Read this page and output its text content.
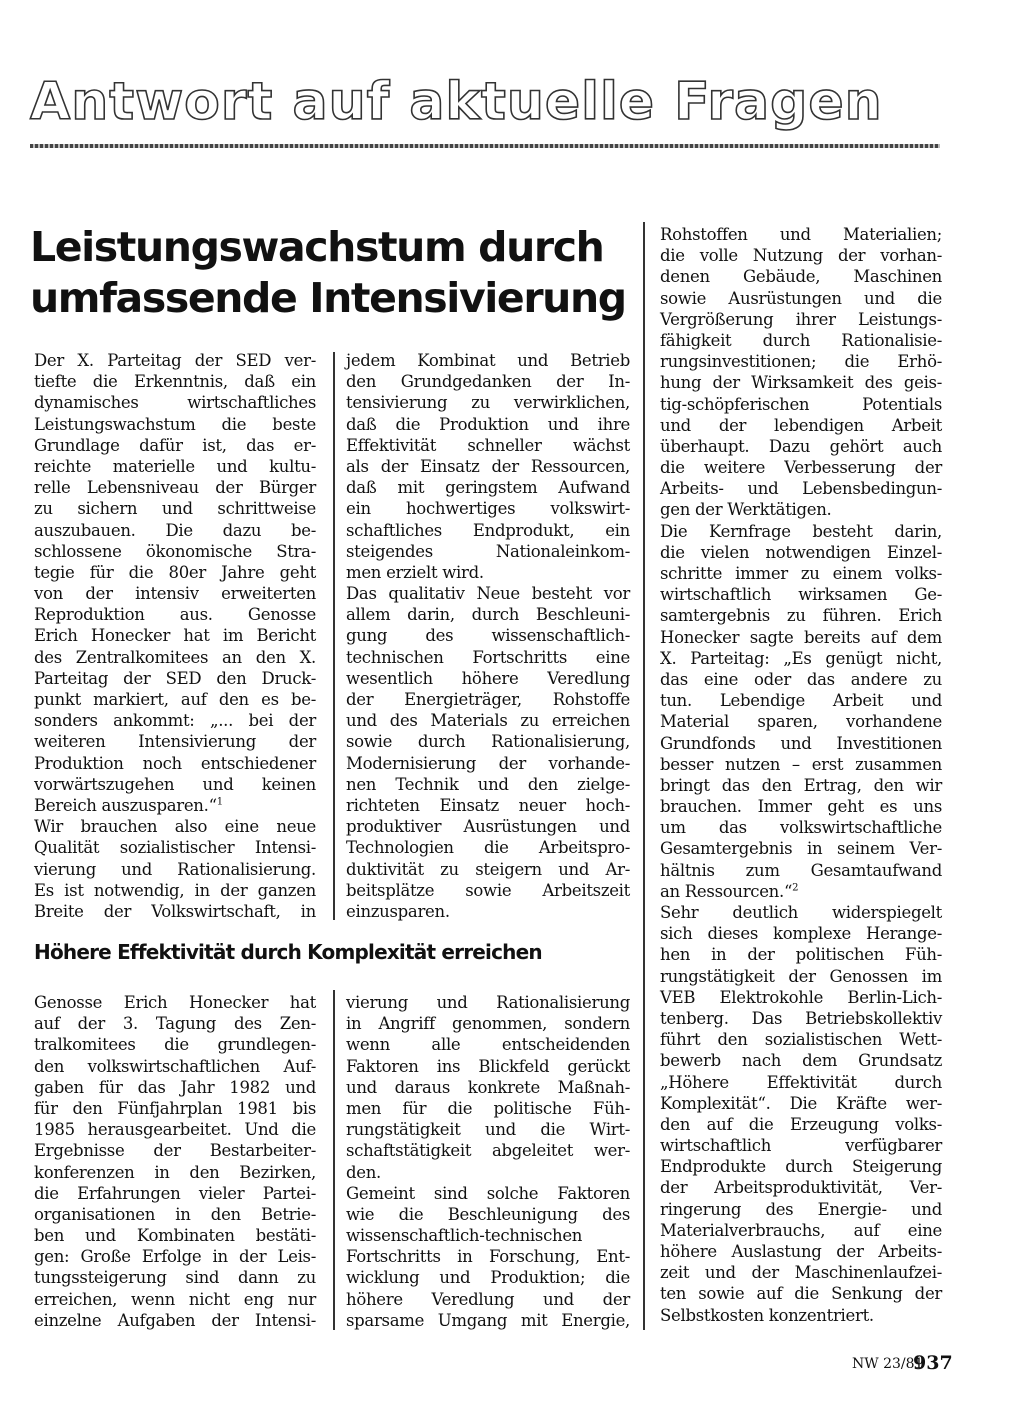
Antwort auf aktuelle Fragen
Leistungswachstum durch
umfassende Intensivierung
Der X. Parteitag der SED ver-
tiefte die Erkenntnis, daß ein
dynamisches wirtschaftliches
Leistungswachstum die beste
Grundlage dafür ist, das er-
reichte materielle und kultu-
relle Lebensniveau der Bürger
zu sichern und schrittweise
auszubauen. Die dazu be-
schlossene ökonomische Stra-
tegie für die 80er Jahre geht
von der intensiv erweiterten
Reproduktion aus. Genosse
Erich Honecker hat im Bericht
des Zentralkomitees an den X.
Parteitag der SED den Druck-
punkt markiert, auf den es be-
sonders ankommt: „... bei der
weiteren Intensivierung der
Produktion noch entschiedener
vorwärtszugehen und keinen
Bereich auszusparen.“$^1$
Wir brauchen also eine neue
Qualität sozialistischer Intensi-
vierung und Rationalisierung.
Es ist notwendig, in der ganzen
Breite der Volkswirtschaft, in
jedem Kombinat und Betrieb
den Grundgedanken der In-
tensivierung zu verwirklichen,
daß die Produktion und ihre
Effektivität schneller wächst
als der Einsatz der Ressourcen,
daß mit geringstem Aufwand
ein hochwertiges volkswirt-
schaftliches Endprodukt, ein
steigendes Nationaleinkom-
men erzielt wird.
Das qualitativ Neue besteht vor
allem darin, durch Beschleuni-
gung des wissenschaftlich-
technischen Fortschritts eine
wesentlich höhere Veredlung
der Energieträger, Rohstoffe
und des Materials zu erreichen
sowie durch Rationalisierung,
Modernisierung der vorhande-
nen Technik und den zielge-
richteten Einsatz neuer hoch-
produktiver Ausrüstungen und
Technologien die Arbeitspro-
duktivität zu steigern und Ar-
beitsplätze sowie Arbeitszeit
einzusparen.
Höhere Effektivität durch Komplexität erreichen
Genosse Erich Honecker hat
auf der 3. Tagung des Zen-
tralkomitees die grundlegen-
den volkswirtschaftlichen Auf-
gaben für das Jahr 1982 und
für den Fünfjahrplan 1981 bis
1985 herausgearbeitet. Und die
Ergebnisse der Bestarbeiter-
konferenzen in den Bezirken,
die Erfahrungen vieler Partei-
organisationen in den Betrie-
ben und Kombinaten bestäti-
gen: Große Erfolge in der Leis-
tungssteigerung sind dann zu
erreichen, wenn nicht eng nur
einzelne Aufgaben der Intensi-
vierung und Rationalisierung
in Angriff genommen, sondern
wenn alle entscheidenden
Faktoren ins Blickfeld gerückt
und daraus konkrete Maßnah-
men für die politische Füh-
rungstätigkeit und die Wirt-
schaftstätigkeit abgeleitet wer-
den.
Gemeint sind solche Faktoren
wie die Beschleunigung des
wissenschaftlich-technischen
Fortschritts in Forschung, Ent-
wicklung und Produktion; die
höhere Veredlung und der
sparsame Umgang mit Energie,
Rohstoffen und Materialien;
die volle Nutzung der vorhan-
denen Gebäude, Maschinen
sowie Ausrüstungen und die
Vergrößerung ihrer Leistungs-
fähigkeit durch Rationalisie-
rungsinvestitionen; die Erhö-
hung der Wirksamkeit des geis-
tig-schöpferischen Potentials
und der lebendigen Arbeit
überhaupt. Dazu gehört auch
die weitere Verbesserung der
Arbeits- und Lebensbedingun-
gen der Werktätigen.
Die Kernfrage besteht darin,
die vielen notwendigen Einzel-
schritte immer zu einem volks-
wirtschaftlich wirksamen Ge-
samtergebnis zu führen. Erich
Honecker sagte bereits auf dem
X. Parteitag: „Es genügt nicht,
das eine oder das andere zu
tun. Lebendige Arbeit und
Material sparen, vorhandene
Grundfonds und Investitionen
besser nutzen – erst zusammen
bringt das den Ertrag, den wir
brauchen. Immer geht es uns
um das volkswirtschaftliche
Gesamtergebnis in seinem Ver-
hältnis zum Gesamtaufwand
an Ressourcen.“$^2$
Sehr deutlich widerspiegelt
sich dieses komplexe Herange-
hen in der politischen Füh-
rungstätigkeit der Genossen im
VEB Elektrokohle Berlin-Lich-
tenberg. Das Betriebskollektiv
führt den sozialistischen Wett-
bewerb nach dem Grundsatz
„Höhere Effektivität durch
Komplexität“. Die Kräfte wer-
den auf die Erzeugung volks-
wirtschaftlich verfügbarer
Endprodukte durch Steigerung
der Arbeitsproduktivität, Ver-
ringerung des Energie- und
Materialverbrauchs, auf eine
höhere Auslastung der Arbeits-
zeit und der Maschinenlaufzei-
ten sowie auf die Senkung der
Selbstkosten konzentriert.
NW 23/81
937
